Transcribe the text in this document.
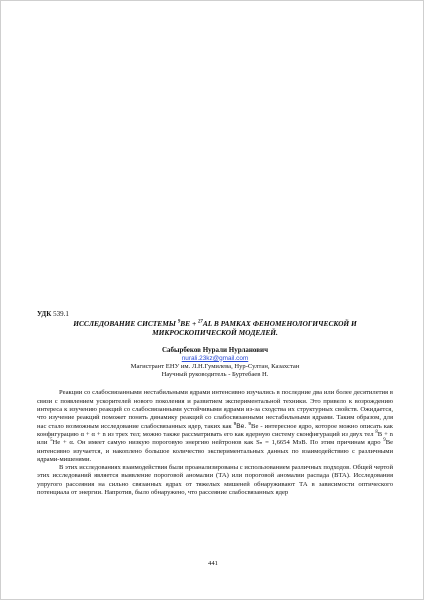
УДК 539.1

ИССЛЕДОВАНИЕ СИСТЕМЫ $^9$BE + $^{27}$AL В РАМКАХ ФЕНОМЕНОЛОГИЧЕСКОЙ И МИКРОСКОПИЧЕСКОЙ МОДЕЛЕЙ.

Сабырбеков Нурали Нурланович

nurali.23kz@gmail.com

Магистрант ЕНУ им. Л.Н.Гумилева, Нур-Султан, Казахстан

Научный руководитель - Буртебаев Н.

Реакции со слабосвязанными нестабильными ядрами интенсивно изучались в последние два или более десятилетия в связи с появлением ускорителей нового поколения и развитием экспериментальной техники. Это привело к возрождению интереса к изучению реакций со слабосвязанными устойчивыми ядрами из-за сходства их структурных свойств. Ожидается, что изучение реакций поможет понять динамику реакций со слабосвязанными нестабильными ядрами. Таким образом, для нас стало возможным исследование слабосвязанных ядер, таких как $^9$Be. $^9$Be - интересное ядро, которое можно описать как конфигурацию α + α + n из трех тел; можно также рассматривать его как ядерную систему сконфигураций из двух тел $^8$B + n или $^5$He + α. Он имеет самую низкую пороговую энергию нейтронов как Sₙ = 1,6654 МэВ. По этим причинам ядро $^9$Be интенсивно изучается, и накоплено большое количество экспериментальных данных по взаимодействию с различными ядрами-мишенями.

В этих исследованиях взаимодействия были проанализированы с использованием различных подходов. Общей чертой этих исследований является выявление пороговой аномалии (ТА) или пороговой аномалии распада (BTA). Исследования упругого рассеяния на сильно связанных ядрах от тяжелых мишеней обнаруживают ТА в зависимости оптического потенциала от энергии. Напротив, было обнаружено, что рассеяние слабосвязанных ядер

441
